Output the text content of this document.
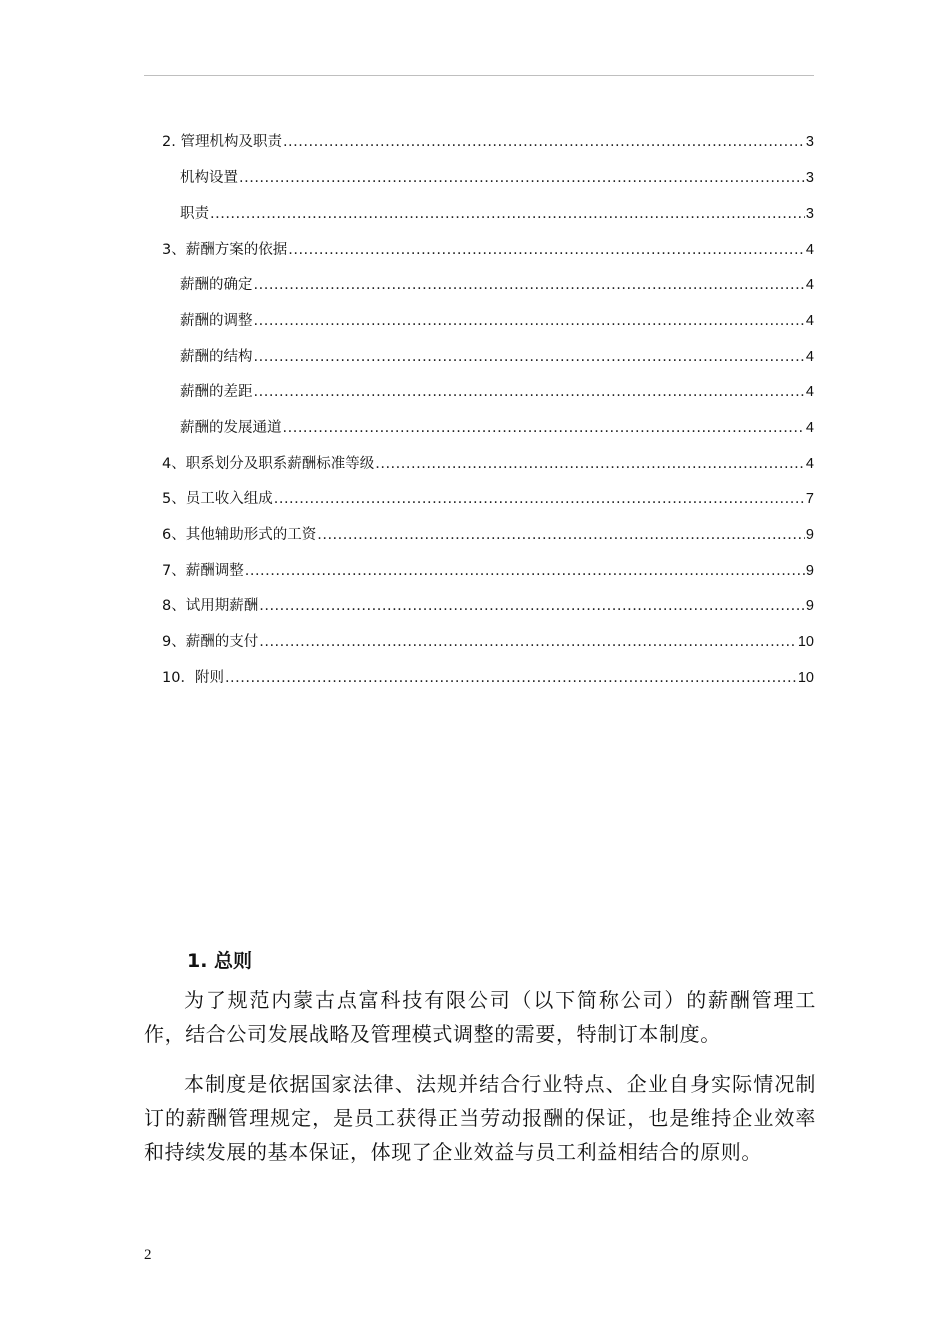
2. 管理机构及职责 .....	3
机构设置 .....	3
职责 .....	3
3、薪酬方案的依据 .....	4
薪酬的确定 .....	4
薪酬的调整 .....	4
薪酬的结构 .....	4
薪酬的差距 .....	4
薪酬的发展通道 .....	4
4、职系划分及职系薪酬标准等级 .....	4
5、员工收入组成 .....	7
6、其他辅助形式的工资 .....	9
7、薪酬调整 .....	9
8、试用期薪酬 .....	9
9、薪酬的支付 .....	10
10．附则 .....	10
1. 总则
为了规范内蒙古点富科技有限公司（以下简称公司）的薪酬管理工作，结合公司发展战略及管理模式调整的需要，特制订本制度。
本制度是依据国家法律、法规并结合行业特点、企业自身实际情况制订的薪酬管理规定，是员工获得正当劳动报酬的保证，也是维持企业效率和持续发展的基本保证，体现了企业效益与员工利益相结合的原则。
2
